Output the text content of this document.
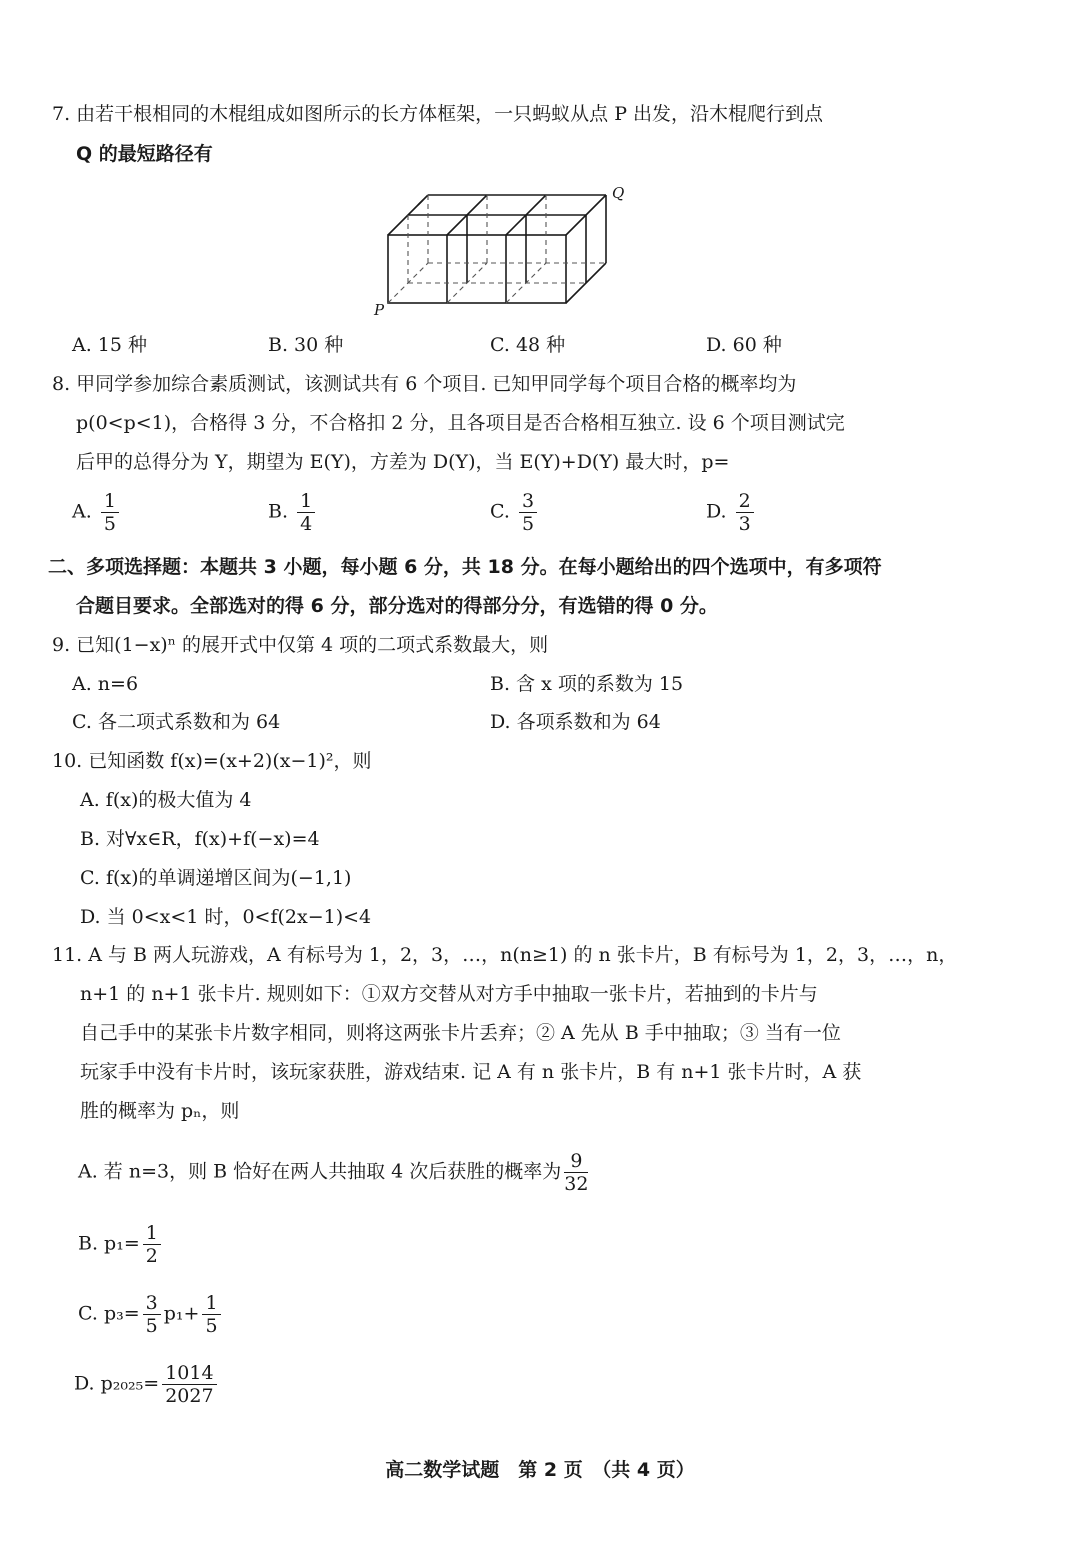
7. 由若干根相同的木棍组成如图所示的长方体框架，一只蚂蚁从点 P 出发，沿木棍爬行到点
Q 的最短路径有
P
Q
A. 15 种	B. 30 种	C. 48 种	D. 60 种
8. 甲同学参加综合素质测试，该测试共有 6 个项目. 已知甲同学每个项目合格的概率均为
p(0<p<1)，合格得 3 分，不合格扣 2 分，且各项目是否合格相互独立. 设 6 个项目测试完
后甲的总得分为 Y，期望为 E(Y)，方差为 D(Y)，当 E(Y)+D(Y) 最大时，p=
A. $\frac{1}{5}$	B. $\frac{1}{4}$	C. $\frac{3}{5}$	D. $\frac{2}{3}$
二、多项选择题：本题共 3 小题，每小题 6 分，共 18 分。在每小题给出的四个选项中，有多项符
合题目要求。全部选对的得 6 分，部分选对的得部分分，有选错的得 0 分。
9. 已知(1−x)ⁿ 的展开式中仅第 4 项的二项式系数最大，则
A. n=6	B. 含 x 项的系数为 15
C. 各二项式系数和为 64	D. 各项系数和为 64
10. 已知函数 f(x)=(x+2)(x−1)²，则
A. f(x)的极大值为 4
B. 对∀x∈R，f(x)+f(−x)=4
C. f(x)的单调递增区间为(−1,1)
D. 当 0<x<1 时，0<f(2x−1)<4
11. A 与 B 两人玩游戏，A 有标号为 1，2，3，…，n(n≥1) 的 n 张卡片，B 有标号为 1，2，3，…，n，
n+1 的 n+1 张卡片. 规则如下：①双方交替从对方手中抽取一张卡片，若抽到的卡片与
自己手中的某张卡片数字相同，则将这两张卡片丢弃；② A 先从 B 手中抽取；③ 当有一位
玩家手中没有卡片时，该玩家获胜，游戏结束. 记 A 有 n 张卡片，B 有 n+1 张卡片时，A 获
胜的概率为 pₙ，则
A. 若 n=3，则 B 恰好在两人共抽取 4 次后获胜的概率为 $\frac{9}{32}$
B. $p_1= \frac{1}{2}$
C. $p_3= \frac{3}{5} p_1+ \frac{1}{5}$
D. $p_{2025}= \frac{1014}{2027}$
高二数学试题　第 2 页　（共 4 页）
